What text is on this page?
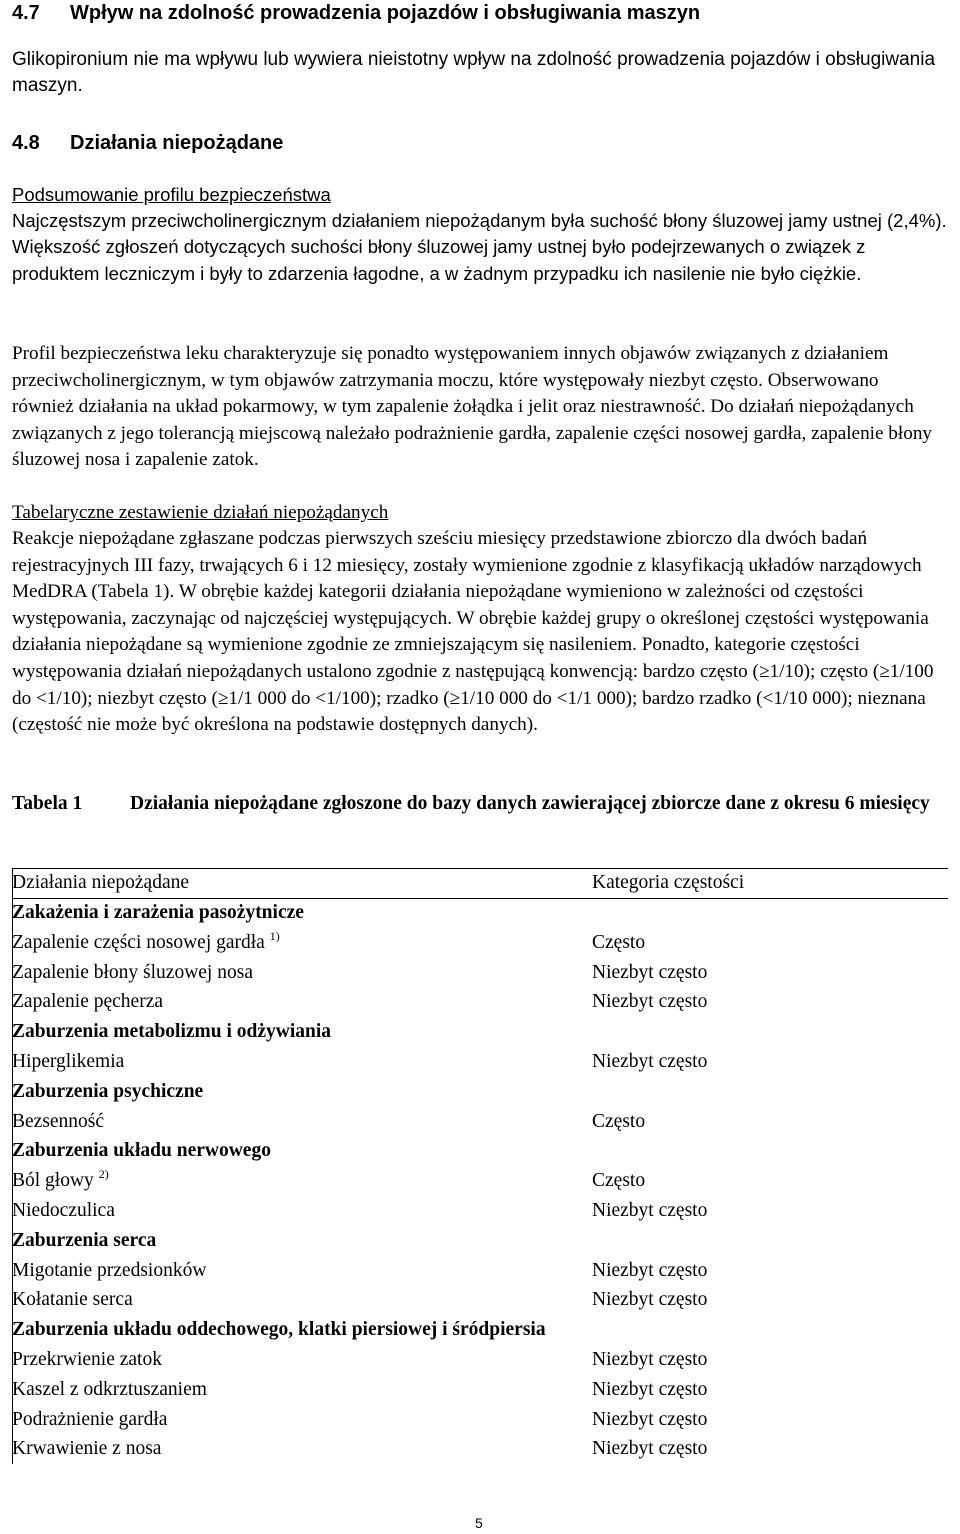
4.7 Wpływ na zdolność prowadzenia pojazdów i obsługiwania maszyn

Glikopironium nie ma wpływu lub wywiera nieistotny wpływ na zdolność prowadzenia pojazdów i obsługiwania maszyn.

4.8 Działania niepożądane

Podsumowanie profilu bezpieczeństwa

Najczęstszym przeciwcholinergicznym działaniem niepożądanym była suchość błony śluzowej jamy ustnej (2,4%). Większość zgłoszeń dotyczących suchości błony śluzowej jamy ustnej było podejrzewanych o związek z produktem leczniczym i były to zdarzenia łagodne, a w żadnym przypadku ich nasilenie nie było ciężkie.

Profil bezpieczeństwa leku charakteryzuje się ponadto występowaniem innych objawów związanych z działaniem przeciwcholinergicznym, w tym objawów zatrzymania moczu, które występowały niezbyt często. Obserwowano również działania na układ pokarmowy, w tym zapalenie żołądka i jelit oraz niestrawność. Do działań niepożądanych związanych z jego tolerancją miejscową należało podrażnienie gardła, zapalenie części nosowej gardła, zapalenie błony śluzowej nosa i zapalenie zatok.

Tabelaryczne zestawienie działań niepożądanych

Reakcje niepożądane zgłaszane podczas pierwszych sześciu miesięcy przedstawione zbiorczo dla dwóch badań rejestracyjnych III fazy, trwających 6 i 12 miesięcy, zostały wymienione zgodnie z klasyfikacją układów narządowych MedDRA (Tabela 1). W obrębie każdej kategorii działania niepożądane wymieniono w zależności od częstości występowania, zaczynając od najczęściej występujących. W obrębie każdej grupy o określonej częstości występowania działania niepożądane są wymienione zgodnie ze zmniejszającym się nasileniem. Ponadto, kategorie częstości występowania działań niepożądanych ustalono zgodnie z następującą konwencją: bardzo często (≥1/10); często (≥1/100 do <1/10); niezbyt często (≥1/1 000 do <1/100); rzadko (≥1/10 000 do <1/1 000); bardzo rzadko (<1/10 000); nieznana (częstość nie może być określona na podstawie dostępnych danych).

Tabela 1	Działania niepożądane zgłoszone do bazy danych zawierającej zbiorcze dane z okresu 6 miesięcy
Działania niepożądane	Kategoria częstości
Zakażenia i zarażenia pasożytnicze
Zapalenie części nosowej gardła $^{1)}$	Często
Zapalenie błony śluzowej nosa	Niezbyt często
Zapalenie pęcherza	Niezbyt często
Zaburzenia metabolizmu i odżywiania
Hiperglikemia	Niezbyt często
Zaburzenia psychiczne
Bezsenność	Często
Zaburzenia układu nerwowego
Ból głowy $^{2)}$	Często
Niedoczulica	Niezbyt często
Zaburzenia serca
Migotanie przedsionków	Niezbyt często
Kołatanie serca	Niezbyt często
Zaburzenia układu oddechowego, klatki piersiowej i śródpiersia
Przekrwienie zatok	Niezbyt często
Kaszel z odkrztuszaniem	Niezbyt często
Podrażnienie gardła	Niezbyt często
Krwawienie z nosa	Niezbyt często
5
